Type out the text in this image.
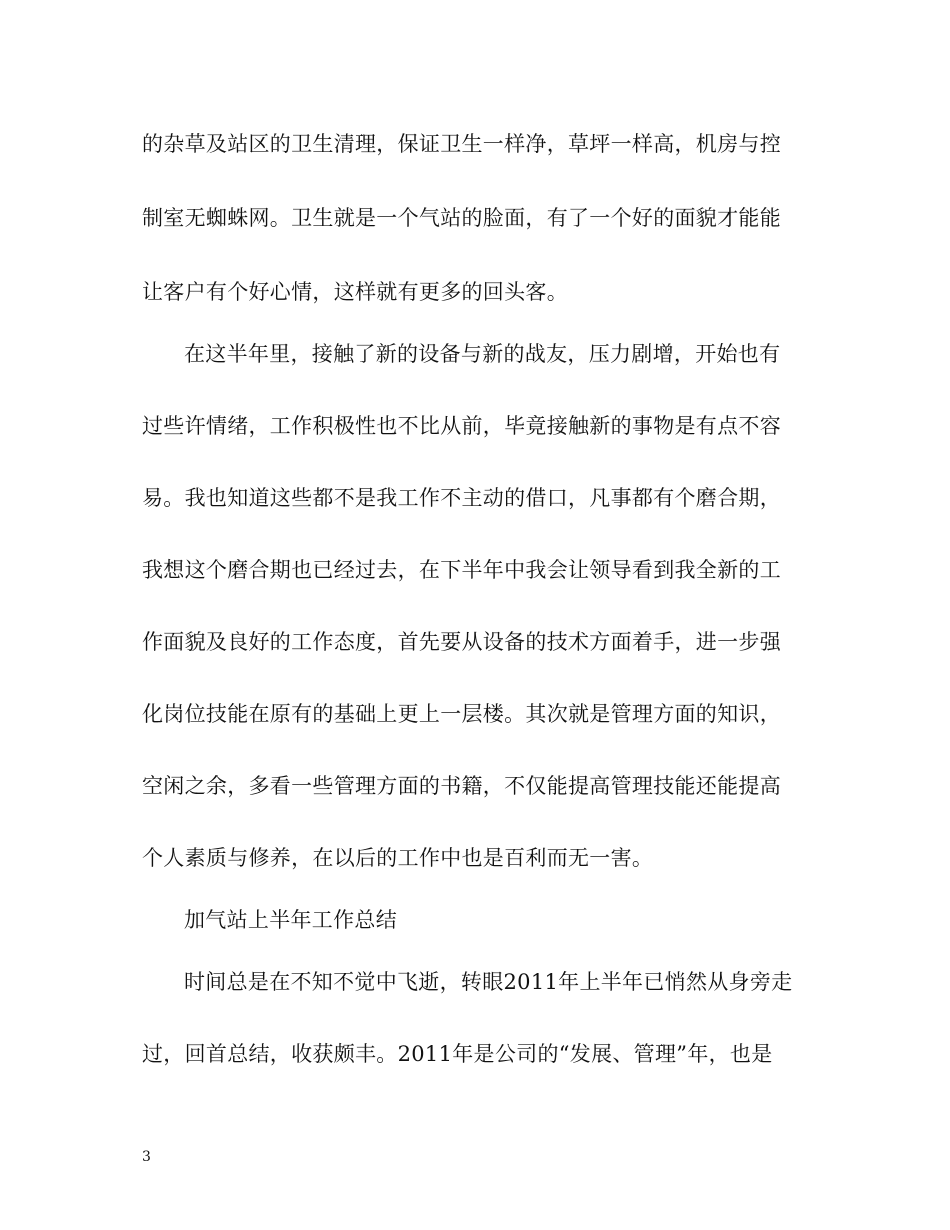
的杂草及站区的卫生清理，保证卫生一样净，草坪一样高，机房与控
制室无蜘蛛网。卫生就是一个气站的脸面，有了一个好的面貌才能能
让客户有个好心情，这样就有更多的回头客。
在这半年里，接触了新的设备与新的战友，压力剧增，开始也有
过些许情绪，工作积极性也不比从前，毕竟接触新的事物是有点不容
易。我也知道这些都不是我工作不主动的借口，凡事都有个磨合期，
我想这个磨合期也已经过去，在下半年中我会让领导看到我全新的工
作面貌及良好的工作态度，首先要从设备的技术方面着手，进一步强
化岗位技能在原有的基础上更上一层楼。其次就是管理方面的知识，
空闲之余，多看一些管理方面的书籍，不仅能提高管理技能还能提高
个人素质与修养，在以后的工作中也是百利而无一害。
加气站上半年工作总结
时间总是在不知不觉中飞逝，转眼2011年上半年已悄然从身旁走
过，回首总结，收获颇丰。2011年是公司的“发展、管理”年，也是
3
